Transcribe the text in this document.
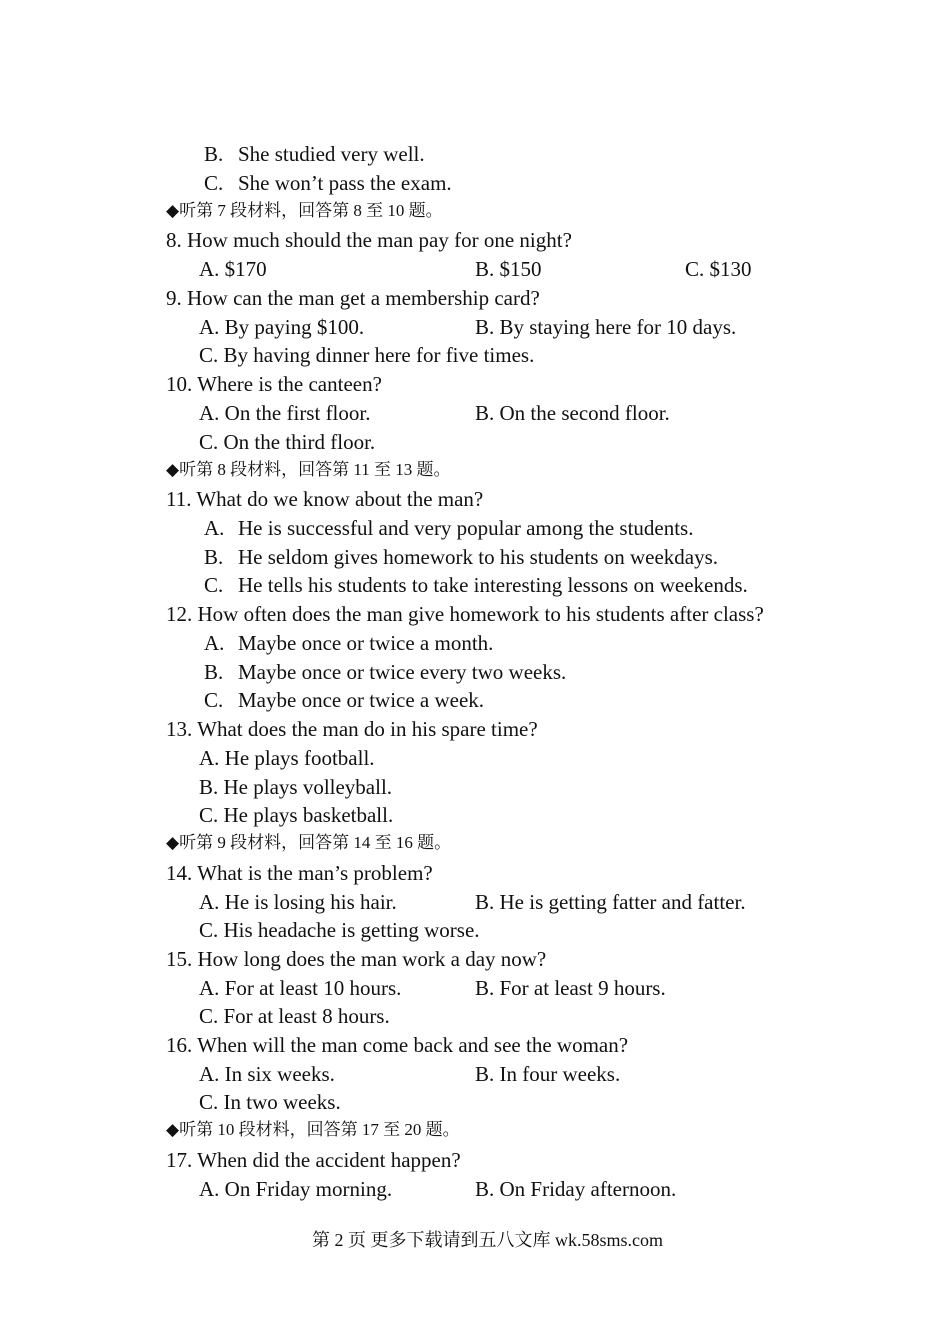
B. She studied very well.
C. She won’t pass the exam.
◆听第 7 段材料，回答第 8 至 10 题。
8. How much should the man pay for one night?
A. $170	B. $150	C. $130
9. How can the man get a membership card?
A. By paying $100.	B. By staying here for 10 days.
C. By having dinner here for five times.
10. Where is the canteen?
A. On the first floor.	B. On the second floor.
C. On the third floor.
◆听第 8 段材料，回答第 11 至 13 题。
11. What do we know about the man?
A. He is successful and very popular among the students.
B. He seldom gives homework to his students on weekdays.
C. He tells his students to take interesting lessons on weekends.
12. How often does the man give homework to his students after class?
A. Maybe once or twice a month.
B. Maybe once or twice every two weeks.
C. Maybe once or twice a week.
13. What does the man do in his spare time?
A. He plays football.
B. He plays volleyball.
C. He plays basketball.
◆听第 9 段材料，回答第 14 至 16 题。
14. What is the man’s problem?
A. He is losing his hair.	B. He is getting fatter and fatter.
C. His headache is getting worse.
15. How long does the man work a day now?
A. For at least 10 hours.	B. For at least 9 hours.
C. For at least 8 hours.
16. When will the man come back and see the woman?
A. In six weeks.	B. In four weeks.
C. In two weeks.
◆听第 10 段材料，回答第 17 至 20 题。
17. When did the accident happen?
A. On Friday morning.	B. On Friday afternoon.
第 2 页 更多下载请到五八文库 wk.58sms.com
